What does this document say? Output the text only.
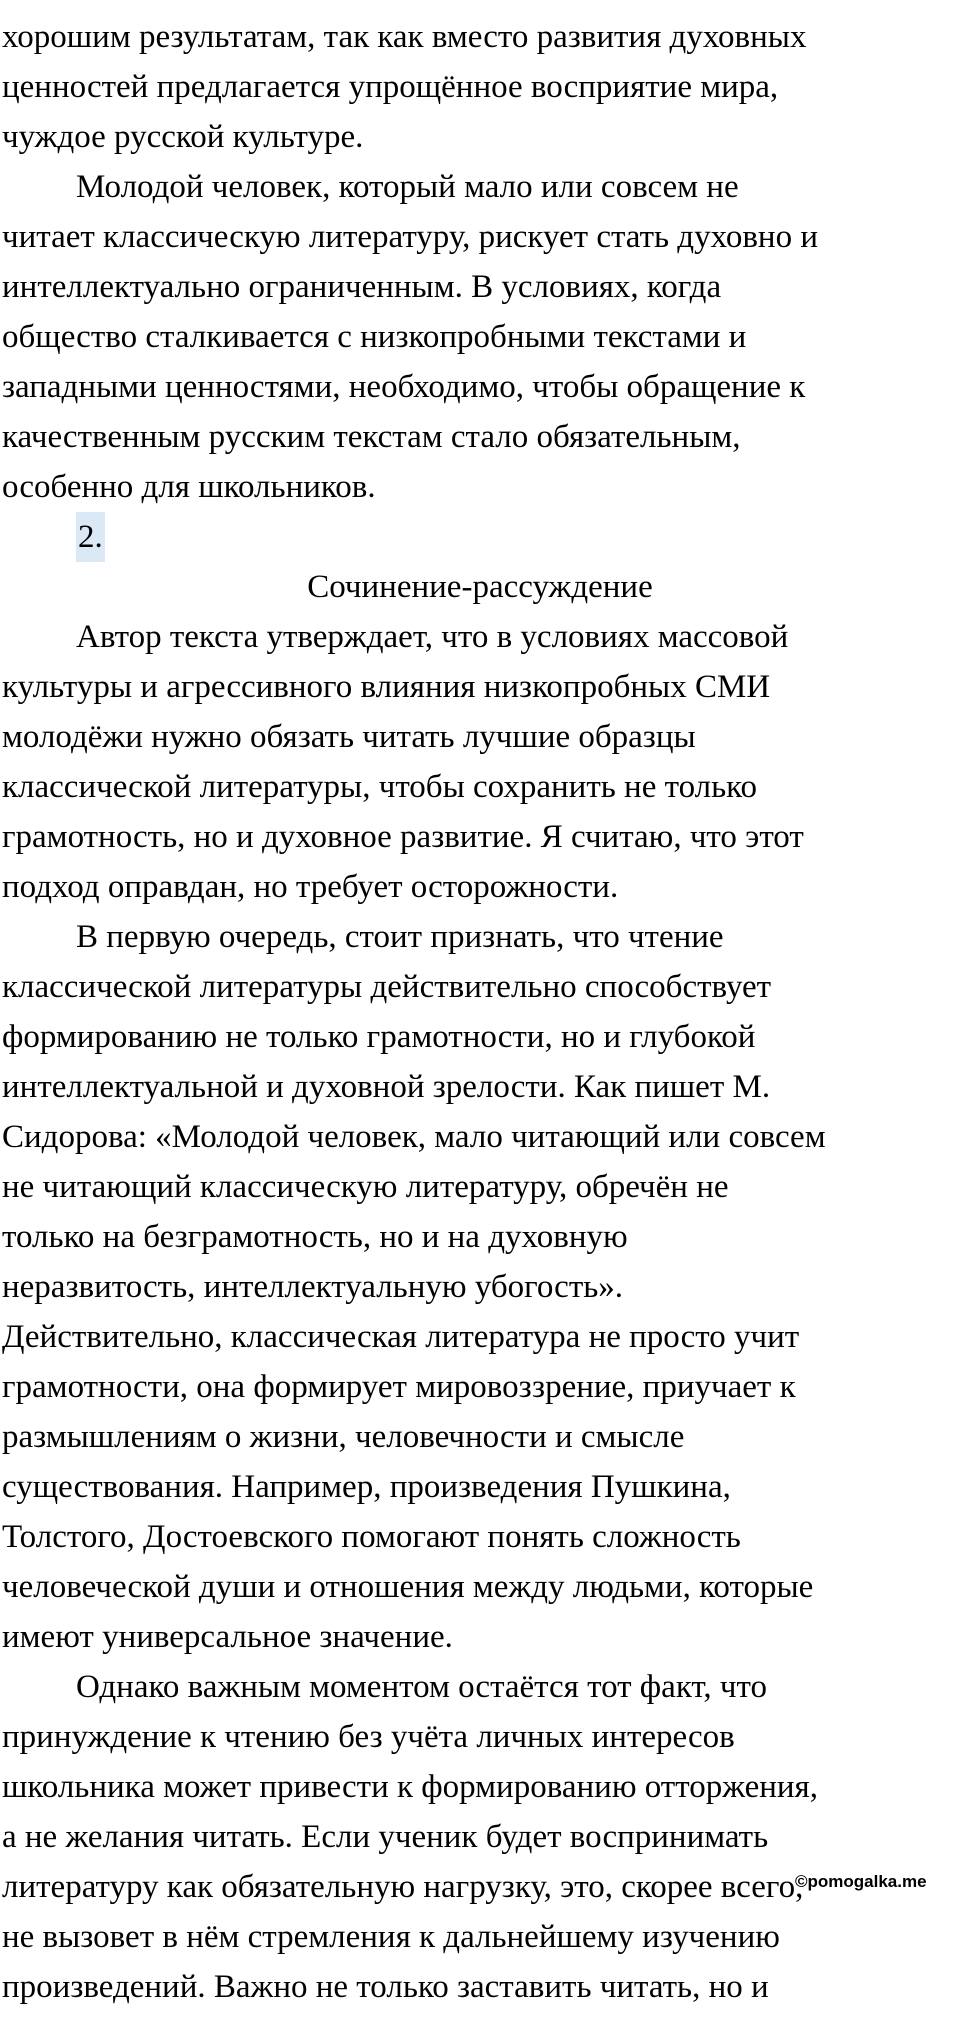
хорошим результатам, так как вместо развития духовных
ценностей предлагается упрощённое восприятие мира,
чуждое русской культуре.
Молодой человек, который мало или совсем не
читает классическую литературу, рискует стать духовно и
интеллектуально ограниченным. В условиях, когда
общество сталкивается с низкопробными текстами и
западными ценностями, необходимо, чтобы обращение к
качественным русским текстам стало обязательным,
особенно для школьников.
2.
Сочинение-рассуждение
Автор текста утверждает, что в условиях массовой
культуры и агрессивного влияния низкопробных СМИ
молодёжи нужно обязать читать лучшие образцы
классической литературы, чтобы сохранить не только
грамотность, но и духовное развитие. Я считаю, что этот
подход оправдан, но требует осторожности.
В первую очередь, стоит признать, что чтение
классической литературы действительно способствует
формированию не только грамотности, но и глубокой
интеллектуальной и духовной зрелости. Как пишет М.
Сидорова: «Молодой человек, мало читающий или совсем
не читающий классическую литературу, обречён не
только на безграмотность, но и на духовную
неразвитость, интеллектуальную убогость».
Действительно, классическая литература не просто учит
грамотности, она формирует мировоззрение, приучает к
размышлениям о жизни, человечности и смысле
существования. Например, произведения Пушкина,
Толстого, Достоевского помогают понять сложность
человеческой души и отношения между людьми, которые
имеют универсальное значение.
Однако важным моментом остаётся тот факт, что
принуждение к чтению без учёта личных интересов
школьника может привести к формированию отторжения,
а не желания читать. Если ученик будет воспринимать
литературу как обязательную нагрузку, это, скорее всего,
не вызовет в нём стремления к дальнейшему изучению
произведений. Важно не только заставить читать, но и
©pomogalka.me
